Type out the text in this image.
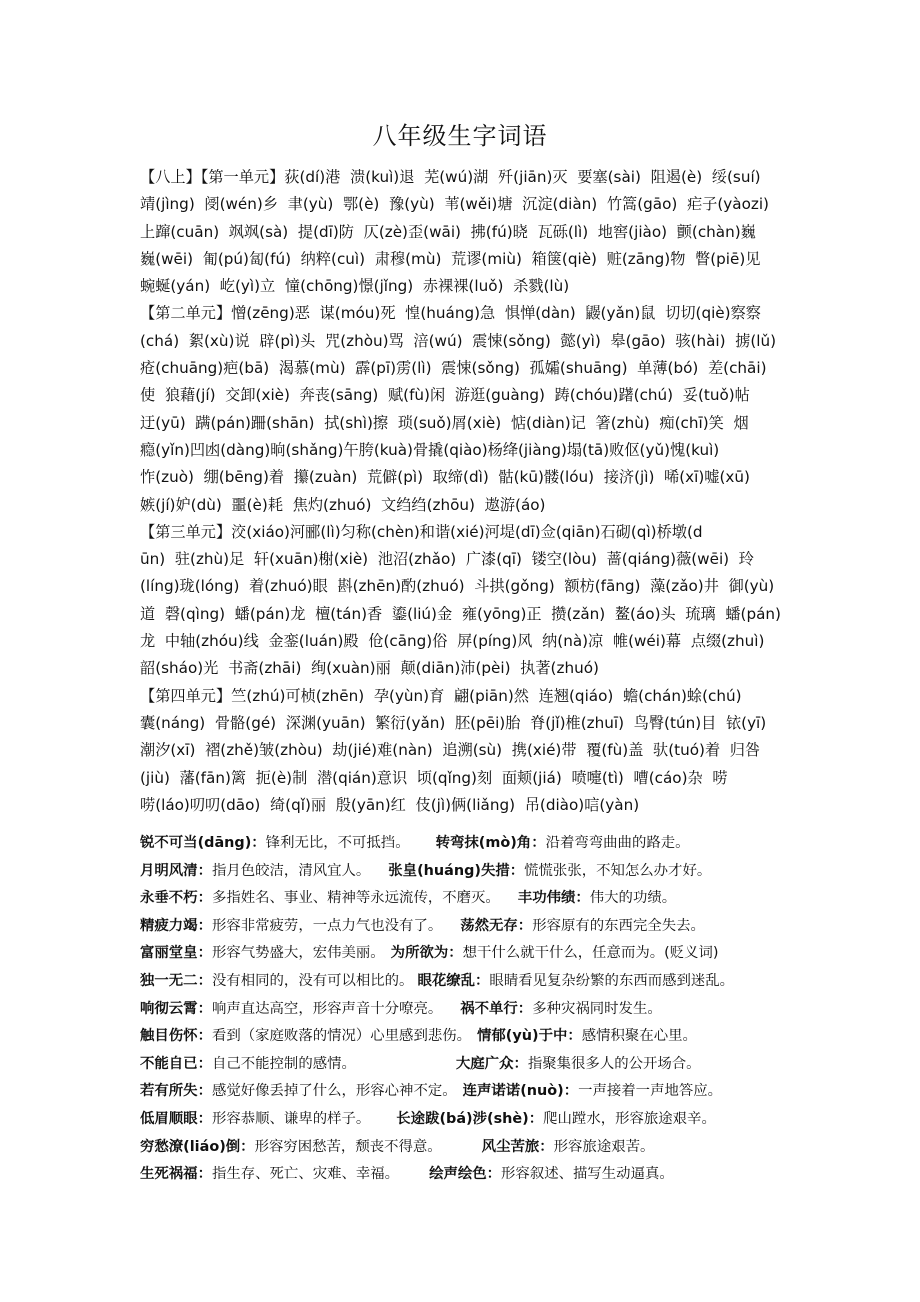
八年级生字词语
【八上】【第一单元】荻(dí)港  溃(kuì)退  芜(wú)湖  歼(jiān)灭  要塞(sài)  阻遏(è)  绥(suí)
靖(jìng)  阌(wén)乡  聿(yù)  鄂(è)  豫(yù)  苇(wěi)塘  沉淀(diàn)  竹篙(gāo)  疟子(yàozi)
上蹿(cuān)  飒飒(sà)  提(dī)防  仄(zè)歪(wāi)  拂(fú)晓  瓦砾(lì)  地窖(jiào)  颤(chàn)巍
巍(wēi)  匍(pú)匐(fú)  纳粹(cuì)  肃穆(mù)  荒谬(miù)  箱箧(qiè)  赃(zāng)物  瞥(piē)见
蜿蜒(yán)  屹(yì)立  憧(chōng)憬(jǐng)  赤裸裸(luǒ)  杀戮(lù)
【第二单元】憎(zēng)恶  谋(móu)死  惶(huáng)急  惧惮(dàn)  鼹(yǎn)鼠  切切(qiè)察察
(chá)  絮(xù)说  辟(pì)头  咒(zhòu)骂  涪(wú)  震悚(sǒng)  懿(yì)  皋(gāo)  骇(hài)  掳(lǔ)
疮(chuāng)疤(bā)  渴慕(mù)  霹(pī)雳(lì)  震悚(sǒng)  孤孀(shuāng)  单薄(bó)  差(chāi)
使  狼藉(jí)  交卸(xiè)  奔丧(sāng)  赋(fù)闲  游逛(guàng)  踌(chóu)躇(chú)  妥(tuǒ)帖
迂(yū)  蹒(pán)跚(shān)  拭(shì)擦  琐(suǒ)屑(xiè)  惦(diàn)记  箸(zhù)  痴(chī)笑  烟
瘾(yǐn)凹凼(dàng)晌(shǎng)午胯(kuà)骨撬(qiào)杨绛(jiàng)塌(tā)败伛(yǔ)愧(kuì)
怍(zuò)  绷(bēng)着  攥(zuàn)  荒僻(pì)  取缔(dì)  骷(kū)髅(lóu)  接济(jì)  唏(xī)嘘(xū)
嫉(jí)妒(dù)  噩(è)耗  焦灼(zhuó)  文绉绉(zhōu)  遨游(áo)
【第三单元】洨(xiáo)河郦(lì)匀称(chèn)和谐(xié)河堤(dī)佥(qiān)石砌(qì)桥墩(d
ūn)  驻(zhù)足  轩(xuān)榭(xiè)  池沼(zhǎo)  广漆(qī)  镂空(lòu)  蔷(qiáng)薇(wēi)  玲
(líng)珑(lóng)  着(zhuó)眼  斟(zhēn)酌(zhuó)  斗拱(gǒng)  额枋(fāng)  藻(zǎo)井  御(yù)
道  磬(qìng)  蟠(pán)龙  檀(tán)香  鎏(liú)金  雍(yōng)正  攒(zǎn)  鳌(áo)头  琉璃  蟠(pán)
龙  中轴(zhóu)线  金銮(luán)殿  伧(cāng)俗  屏(píng)风  纳(nà)凉  帷(wéi)幕  点缀(zhuì)
韶(sháo)光  书斋(zhāi)  绚(xuàn)丽  颠(diān)沛(pèi)  执著(zhuó)
【第四单元】竺(zhú)可桢(zhēn)  孕(yùn)育  翩(piān)然  连翘(qiáo)  蟾(chán)蜍(chú)
囊(náng)  骨骼(gé)  深渊(yuān)  繁衍(yǎn)  胚(pēi)胎  脊(jǐ)椎(zhuī)  鸟臀(tún)目  铱(yī)
潮汐(xī)  褶(zhě)皱(zhòu)  劫(jié)难(nàn)  追溯(sù)  携(xié)带  覆(fù)盖  驮(tuó)着  归咎
(jiù)  藩(fān)篱  扼(è)制  潜(qián)意识  顷(qǐng)刻  面颊(jiá)  喷嚏(tì)  嘈(cáo)杂  唠
唠(láo)叨叨(dāo)  绮(qǐ)丽  殷(yān)红  伎(jì)俩(liǎng)  吊(diào)唁(yàn)
锐不可当(dāng)：锋利无比，不可抵挡。 转弯抹(mò)角：沿着弯弯曲曲的路走。
月明风清：指月色皎洁，清风宜人。 张皇(huáng)失措：慌慌张张，不知怎么办才好。
永垂不朽：多指姓名、事业、精神等永远流传，不磨灭。 丰功伟绩：伟大的功绩。
精疲力竭：形容非常疲劳，一点力气也没有了。 荡然无存：形容原有的东西完全失去。
富丽堂皇：形容气势盛大，宏伟美丽。 为所欲为：想干什么就干什么，任意而为。(贬义词)
独一无二：没有相同的，没有可以相比的。 眼花缭乱：眼睛看见复杂纷繁的东西而感到迷乱。
响彻云霄：响声直达高空，形容声音十分嘹亮。 祸不单行：多种灾祸同时发生。
触目伤怀：看到（家庭败落的情况）心里感到悲伤。 情郁(yù)于中：感情积聚在心里。
不能自已：自己不能控制的感情。	大庭广众：指聚集很多人的公开场合。
若有所失：感觉好像丢掉了什么，形容心神不定。 连声诺诺(nuò)：一声接着一声地答应。
低眉顺眼：形容恭顺、谦卑的样子。 长途跋(bá)涉(shè)：爬山蹚水，形容旅途艰辛。
穷愁潦(liáo)倒：形容穷困愁苦，颓丧不得意。	风尘苦旅：形容旅途艰苦。
生死祸福：指生存、死亡、灾难、幸福。 绘声绘色：形容叙述、描写生动逼真。
